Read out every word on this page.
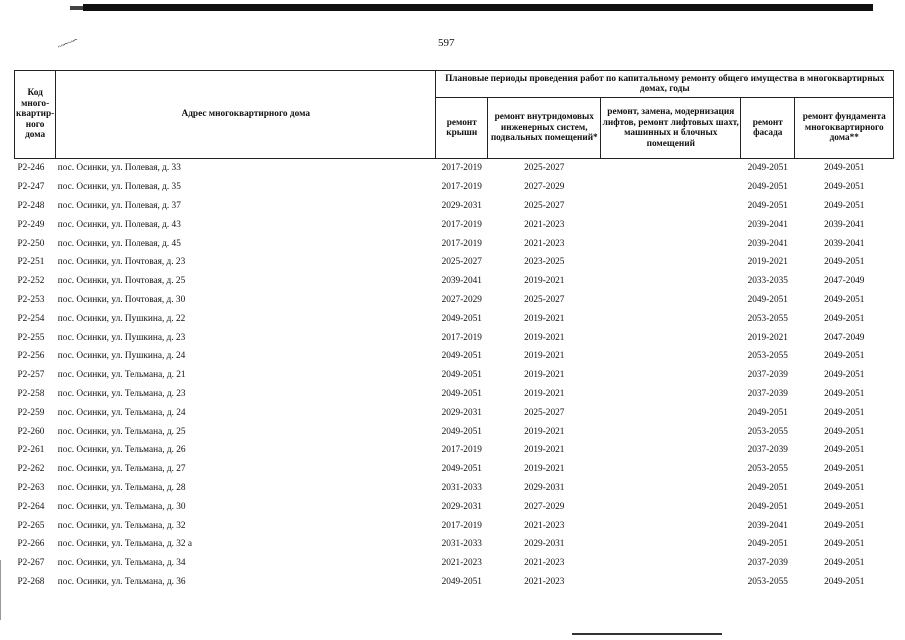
~∽~∽	597
Код много-квартир-ного дома	Адрес многоквартирного дома	Плановые периоды проведения работ по капитальному ремонту общего имущества в многоквартирных домах, годы				
		ремонт крыши	ремонт внутридомовых инженерных систем, подвальных помещений*	ремонт, замена, модернизация лифтов, ремонт лифтовых шахт, машинных и блочных помещений	ремонт фасада	ремонт фундамента многоквартирного дома**
Р2-246	пос. Осинки, ул. Полевая, д. 33	2017-2019	2025-2027		2049-2051	2049-2051
Р2-247	пос. Осинки, ул. Полевая, д. 35	2017-2019	2027-2029		2049-2051	2049-2051
Р2-248	пос. Осинки, ул. Полевая, д. 37	2029-2031	2025-2027		2049-2051	2049-2051
Р2-249	пос. Осинки, ул. Полевая, д. 43	2017-2019	2021-2023		2039-2041	2039-2041
Р2-250	пос. Осинки, ул. Полевая, д. 45	2017-2019	2021-2023		2039-2041	2039-2041
Р2-251	пос. Осинки, ул. Почтовая, д. 23	2025-2027	2023-2025		2019-2021	2049-2051
Р2-252	пос. Осинки, ул. Почтовая, д. 25	2039-2041	2019-2021		2033-2035	2047-2049
Р2-253	пос. Осинки, ул. Почтовая, д. 30	2027-2029	2025-2027		2049-2051	2049-2051
Р2-254	пос. Осинки, ул. Пушкина, д. 22	2049-2051	2019-2021		2053-2055	2049-2051
Р2-255	пос. Осинки, ул. Пушкина, д. 23	2017-2019	2019-2021		2019-2021	2047-2049
Р2-256	пос. Осинки, ул. Пушкина, д. 24	2049-2051	2019-2021		2053-2055	2049-2051
Р2-257	пос. Осинки, ул. Тельмана, д. 21	2049-2051	2019-2021		2037-2039	2049-2051
Р2-258	пос. Осинки, ул. Тельмана, д. 23	2049-2051	2019-2021		2037-2039	2049-2051
Р2-259	пос. Осинки, ул. Тельмана, д. 24	2029-2031	2025-2027		2049-2051	2049-2051
Р2-260	пос. Осинки, ул. Тельмана, д. 25	2049-2051	2019-2021		2053-2055	2049-2051
Р2-261	пос. Осинки, ул. Тельмана, д. 26	2017-2019	2019-2021		2037-2039	2049-2051
Р2-262	пос. Осинки, ул. Тельмана, д. 27	2049-2051	2019-2021		2053-2055	2049-2051
Р2-263	пос. Осинки, ул. Тельмана, д. 28	2031-2033	2029-2031		2049-2051	2049-2051
Р2-264	пос. Осинки, ул. Тельмана, д. 30	2029-2031	2027-2029		2049-2051	2049-2051
Р2-265	пос. Осинки, ул. Тельмана, д. 32	2017-2019	2021-2023		2039-2041	2049-2051
Р2-266	пос. Осинки, ул. Тельмана, д. 32 а	2031-2033	2029-2031		2049-2051	2049-2051
Р2-267	пос. Осинки, ул. Тельмана, д. 34	2021-2023	2021-2023		2037-2039	2049-2051
Р2-268	пос. Осинки, ул. Тельмана, д. 36	2049-2051	2021-2023		2053-2055	2049-2051
